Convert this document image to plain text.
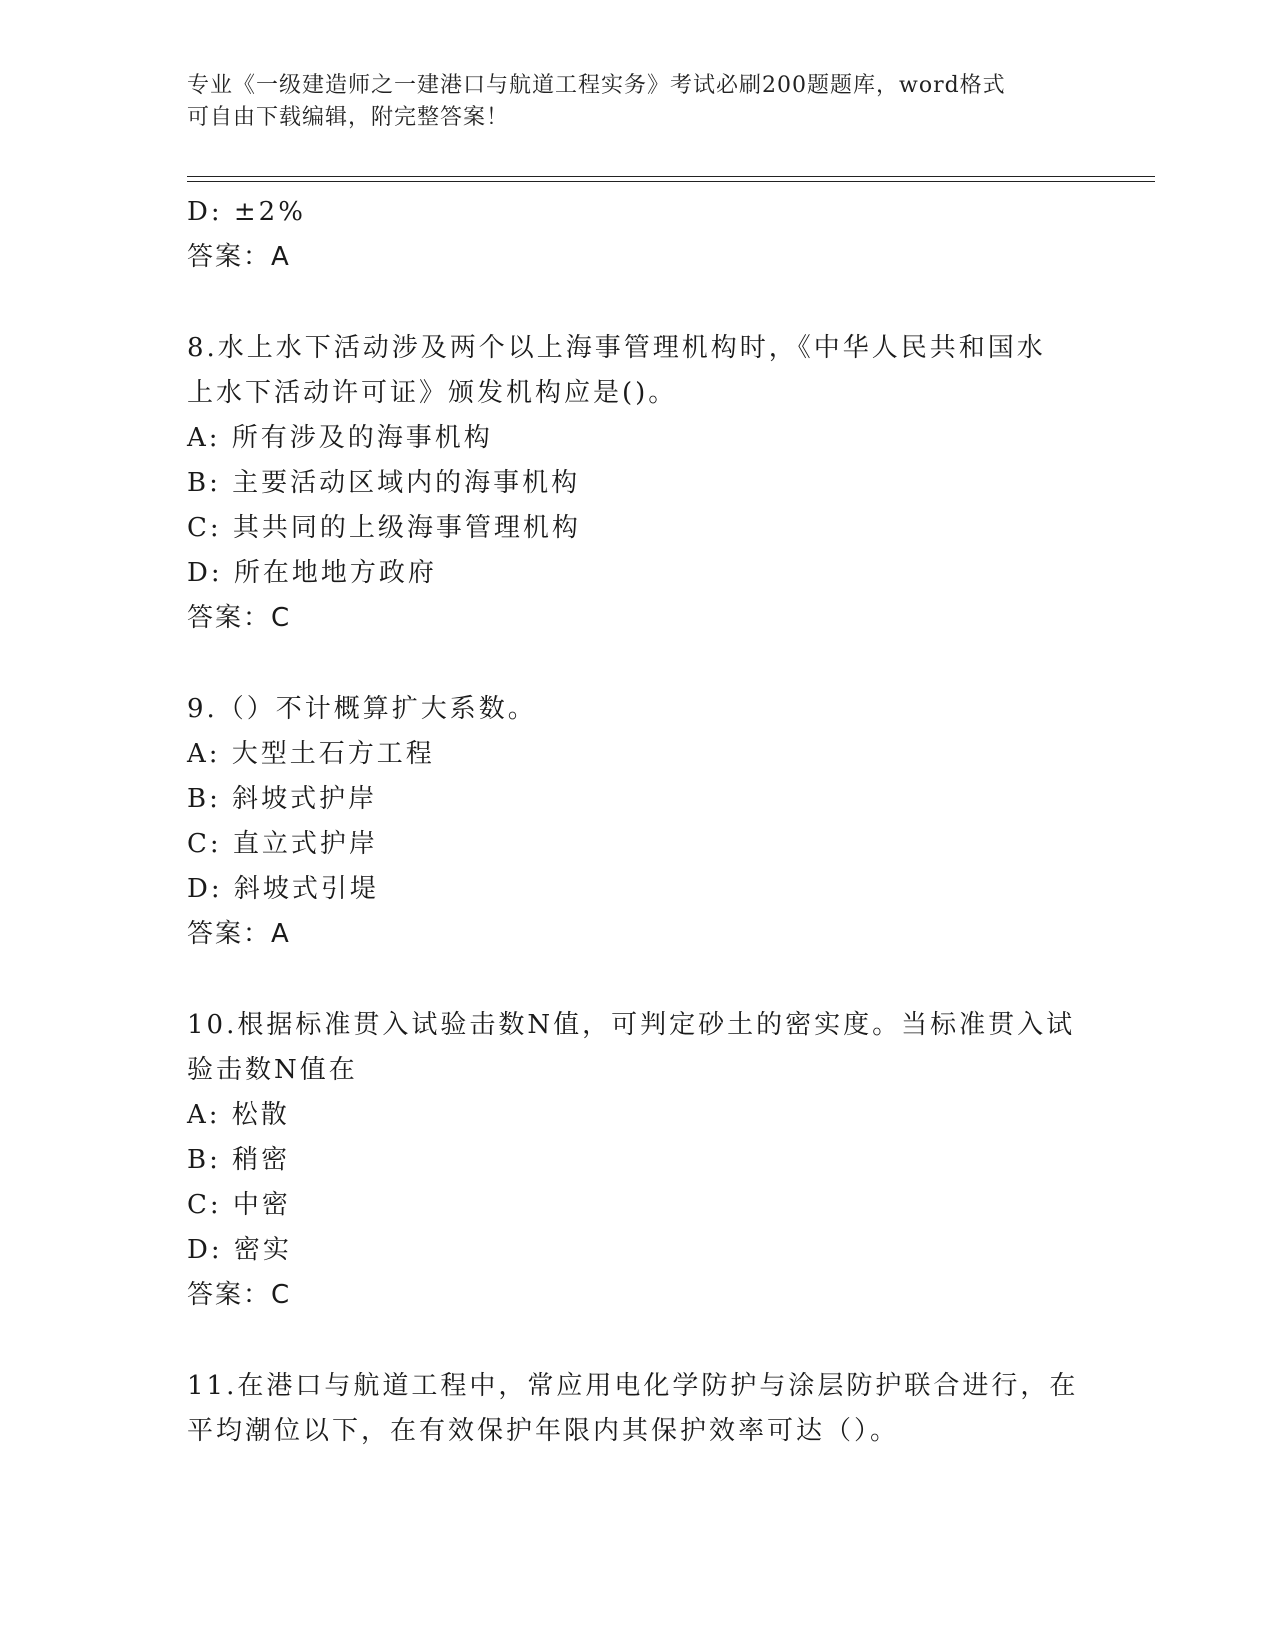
专业《一级建造师之一建港口与航道工程实务》考试必刷200题题库，word格式
可自由下载编辑，附完整答案！
D: ±2%
答案：A
8.水上水下活动涉及两个以上海事管理机构时，《中华人民共和国水
上水下活动许可证》颁发机构应是()。
A: 所有涉及的海事机构
B: 主要活动区域内的海事机构
C: 其共同的上级海事管理机构
D: 所在地地方政府
答案：C
9.（）不计概算扩大系数。
A: 大型土石方工程
B: 斜坡式护岸
C: 直立式护岸
D: 斜坡式引堤
答案：A
10.根据标准贯入试验击数N值，可判定砂土的密实度。当标准贯入试
验击数N值在
A: 松散
B: 稍密
C: 中密
D: 密实
答案：C
11.在港口与航道工程中，常应用电化学防护与涂层防护联合进行，在
平均潮位以下，在有效保护年限内其保护效率可达（）。
